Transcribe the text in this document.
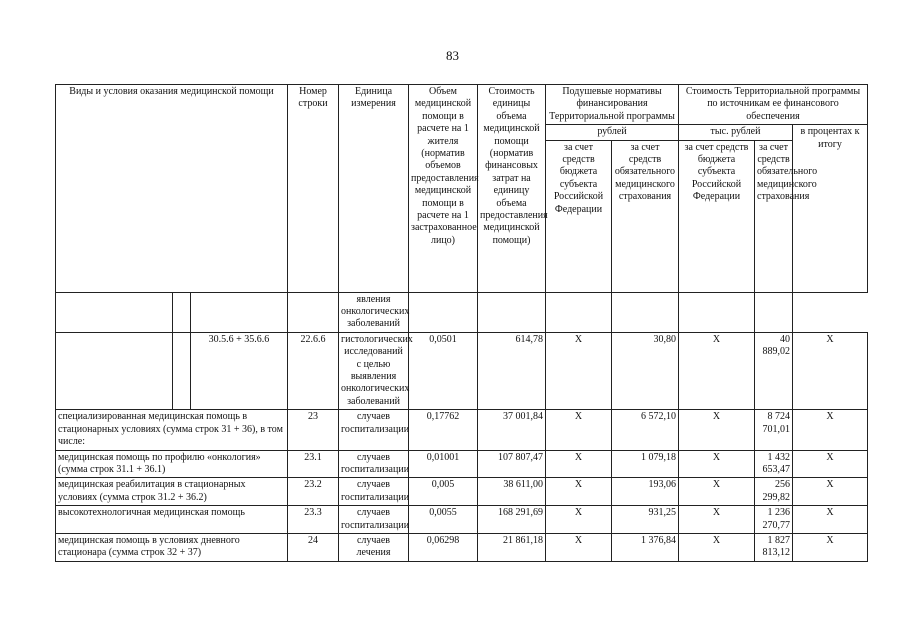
83
Виды и условия оказания медицинской помощи			Номер строки	Единица измерения	Объем медицинской помощи в расчете на 1 жителя (норматив объемов предоставления медицинской помощи в расчете на 1 застрахованное лицо)	Стоимость единицы объема медицинской помощи (норматив финансовых затрат на единицу объема предоставления медицинской помощи)	Подушевые нормативы финансирования Территориальной программы		Стоимость Территориальной программы по источникам ее финансового обеспечения		
							рублей		тыс. рублей		в процентах к итогу
							за счет средств бюджета субъекта Российской Федерации	за счет средств обязательного медицинского страхования	за счет средств бюджета субъекта Российской Федерации	за счет средств обязательного медицинского страхования	
				явления онкологических заболеваний							
		30.5.6 + 35.6.6	22.6.6	гистологических исследований с целью выявления онкологических заболеваний	0,0501	614,78	Х	30,80	Х	40 889,02	Х
специализированная медицинская помощь в стационарных условиях (сумма строк 31 + 36), в том числе:			23	случаев госпитализации	0,17762	37 001,84	Х	6 572,10	Х	8 724 701,01	Х
медицинская помощь по профилю «онкология» (сумма строк 31.1 + 36.1)			23.1	случаев госпитализации	0,01001	107 807,47	Х	1 079,18	Х	1 432 653,47	Х
медицинская реабилитация в стационарных условиях (сумма строк 31.2 + 36.2)			23.2	случаев госпитализации	0,005	38 611,00	Х	193,06	Х	256 299,82	Х
высокотехнологичная медицинская помощь			23.3	случаев госпитализации	0,0055	168 291,69	Х	931,25	Х	1 236 270,77	Х
медицинская помощь в условиях дневного стационара (сумма строк 32 + 37)			24	случаев лечения	0,06298	21 861,18	Х	1 376,84	Х	1 827 813,12	Х
